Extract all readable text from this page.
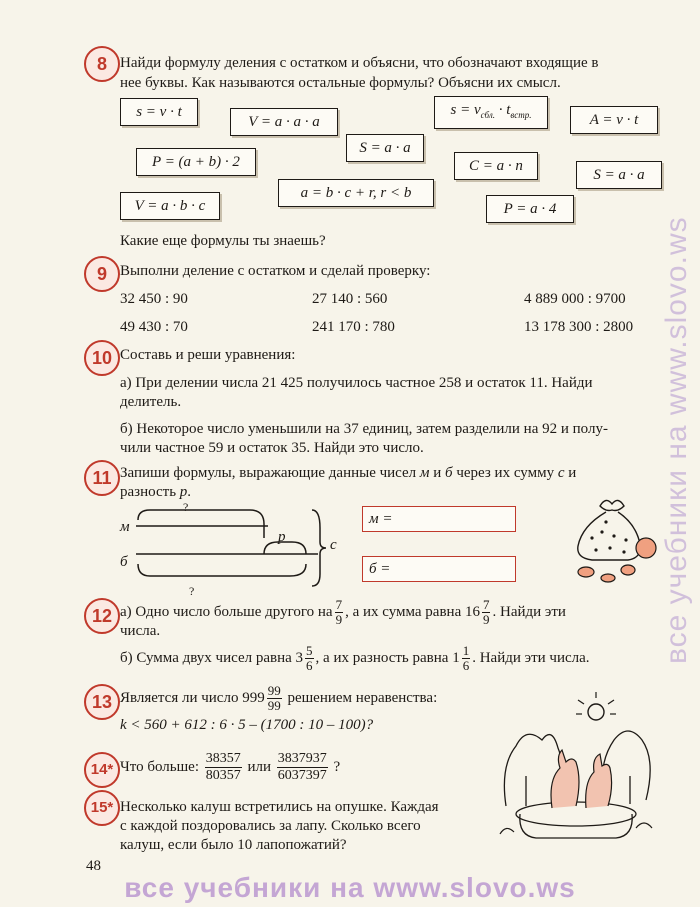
8 Найди формулу деления с остатком и объясни, что обозначают входящие в
нее буквы. Как называются остальные формулы? Объясни их смысл.
s = v · t
V = a · a · a
S = a · a
$s = v_{сбл.} \cdot t_{встр.}$	A = v · t
P = (a + b) · 2	C = a · n
S = a · a
a = b · c + r, r < b
V = a · b · c	P = a · 4
Какие еще формулы ты знаешь?
9 Выполни деление с остатком и сделай проверку:
32 450 : 90	27 140 : 560	4 889 000 : 9700
49 430 : 70	241 170 : 780	13 178 300 : 2800
10 Составь и реши уравнения:
а) При делении числа 21 425 получилось частное 258 и остаток 11. Найди
делитель.
б) Некоторое число уменьшили на 37 единиц, затем разделили на 92 и полу-
чили частное 59 и остаток 35. Найди это число.
11 Запиши формулы, выражающие данные чисел м и б через их сумму с и
разность р.
?
?
м
б
р	с
м =
б =
12 а) Одно число больше другого на $\frac{7}{9}$ , а их сумма равна $16 \frac{7}{9}$ . Найди эти
числа.
б) Сумма двух чисел равна $3 \frac{5}{6}$ , а их разность равна $1 \frac{1}{6}$ . Найди эти числа.
13 Является ли число $999 \frac{99}{99}$ решением неравенства:
k < 560 + 612 : 6 · 5 – (1700 : 10 – 100)?
14* Что больше: $\frac{38357}{80357}$ или $\frac{3837937}{6037397}$ ?
15* Несколько калуш встретились на опушке. Каждая
с каждой поздоровались за лапу. Сколько всего
калуш, если было 10 лапопожатий?
48
все учебники на www.slovo.ws
все учебники на www.slovo.ws
